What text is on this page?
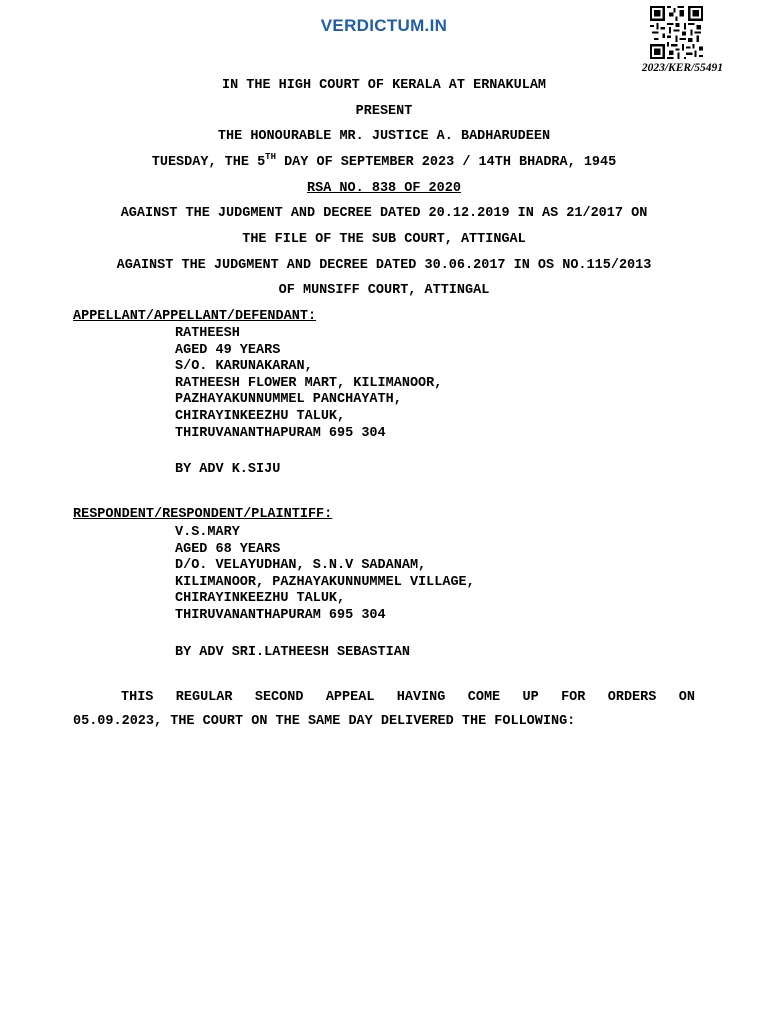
VERDICTUM.IN
2023/KER/55491
IN THE HIGH COURT OF KERALA AT ERNAKULAM
PRESENT
THE HONOURABLE MR. JUSTICE A. BADHARUDEEN
TUESDAY, THE 5TH DAY OF SEPTEMBER 2023 / 14TH BHADRA, 1945
RSA NO. 838 OF 2020
AGAINST THE JUDGMENT AND DECREE DATED 20.12.2019 IN AS 21/2017 ON
THE FILE OF THE SUB COURT, ATTINGAL
AGAINST THE JUDGMENT AND DECREE DATED 30.06.2017 IN OS NO.115/2013
OF MUNSIFF COURT, ATTINGAL
APPELLANT/APPELLANT/DEFENDANT:
RATHEESH
AGED 49 YEARS
S/O. KARUNAKARAN,
RATHEESH FLOWER MART, KILIMANOOR,
PAZHAYAKUNNUMMEL PANCHAYATH,
CHIRAYINKEEZHU TALUK,
THIRUVANANTHAPURAM 695 304
BY ADV K.SIJU
RESPONDENT/RESPONDENT/PLAINTIFF:
V.S.MARY
AGED 68 YEARS
D/O. VELAYUDHAN, S.N.V SADANAM,
KILIMANOOR, PAZHAYAKUNNUMMEL VILLAGE,
CHIRAYINKEEZHU TALUK,
THIRUVANANTHAPURAM 695 304
BY ADV SRI.LATHEESH SEBASTIAN
THIS REGULAR SECOND APPEAL HAVING COME UP FOR ORDERS ON
05.09.2023, THE COURT ON THE SAME DAY DELIVERED THE FOLLOWING:
